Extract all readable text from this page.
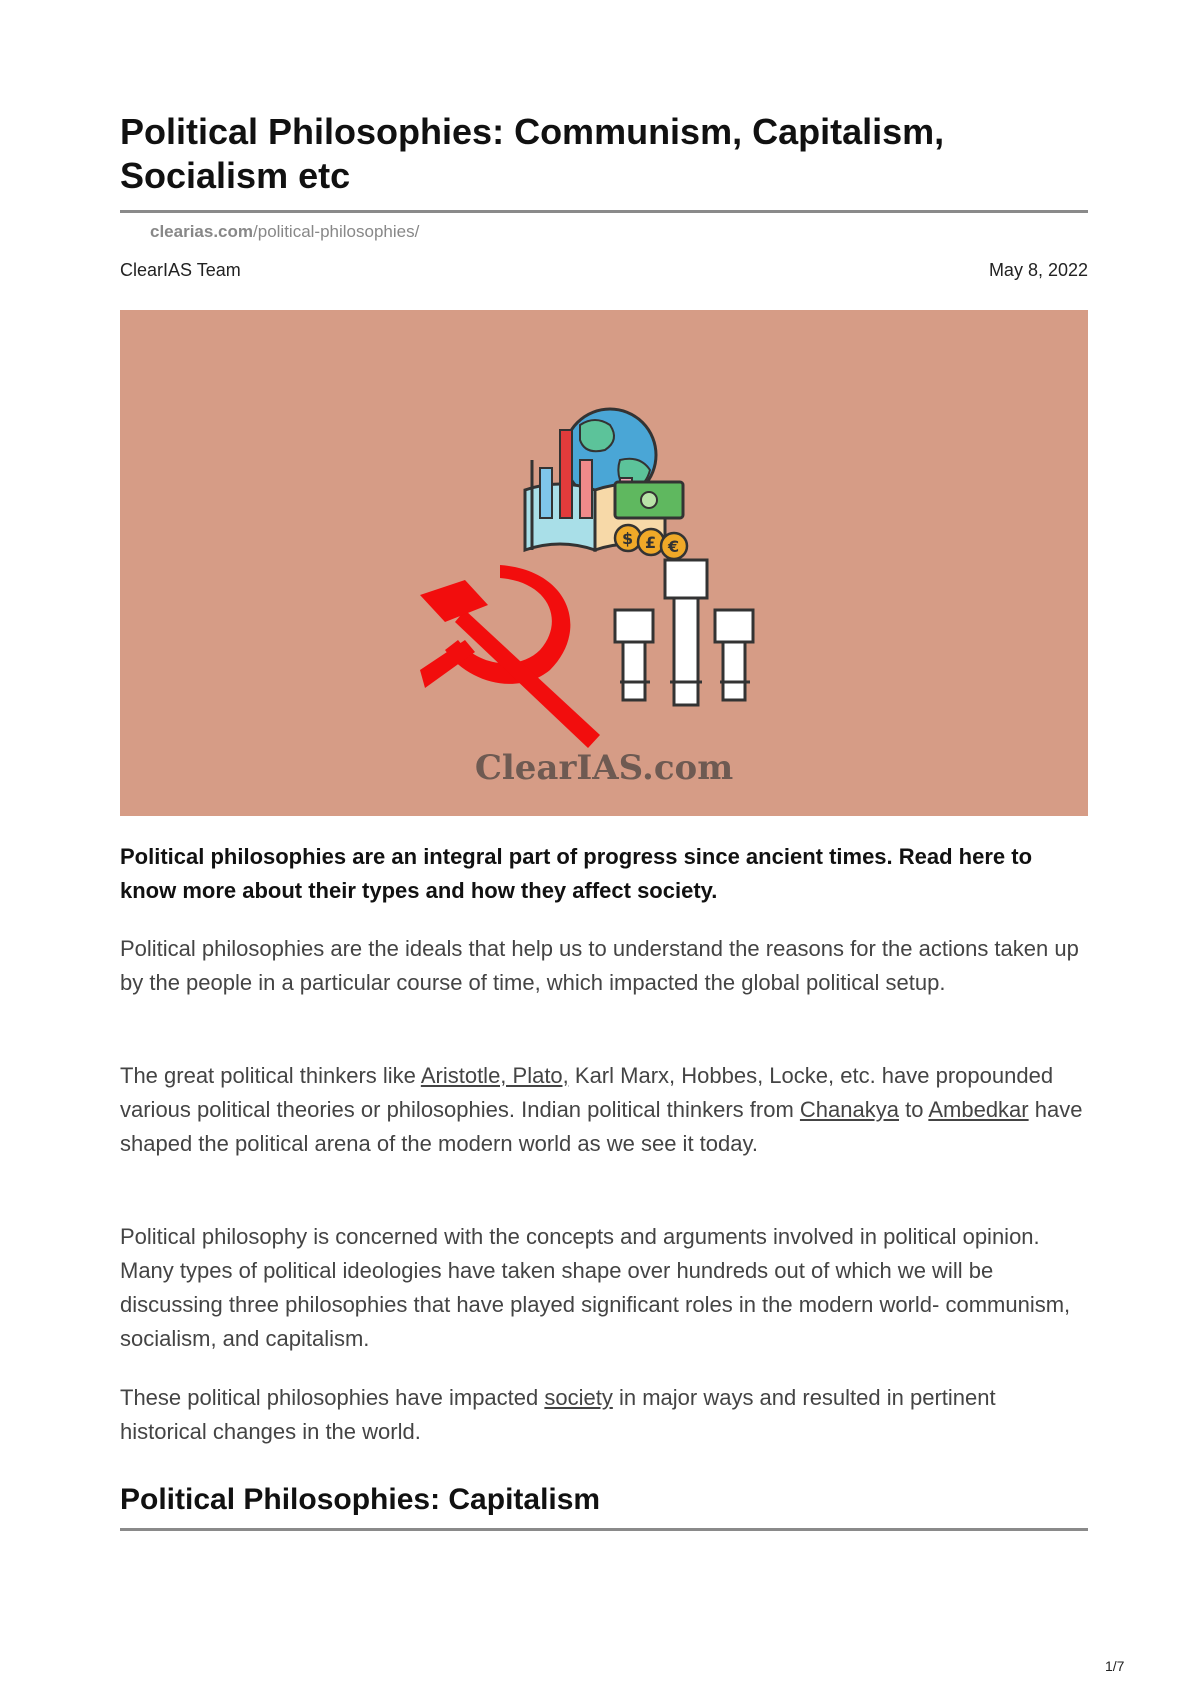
Political Philosophies: Communism, Capitalism, Socialism etc
clearias.com/political-philosophies/
ClearIAS Team	May 8, 2022
$ £ €
ClearIAS.com

Political philosophies are an integral part of progress since ancient times. Read here to know more about their types and how they affect society.

Political philosophies are the ideals that help us to understand the reasons for the actions taken up by the people in a particular course of time, which impacted the global political setup.

The great political thinkers like Aristotle, Plato, Karl Marx, Hobbes, Locke, etc. have propounded various political theories or philosophies. Indian political thinkers from Chanakya to Ambedkar have shaped the political arena of the modern world as we see it today.

Political philosophy is concerned with the concepts and arguments involved in political opinion. Many types of political ideologies have taken shape over hundreds out of which we will be discussing three philosophies that have played significant roles in the modern world- communism, socialism, and capitalism.

These political philosophies have impacted society in major ways and resulted in pertinent historical changes in the world.

Political Philosophies: Capitalism
1/7
